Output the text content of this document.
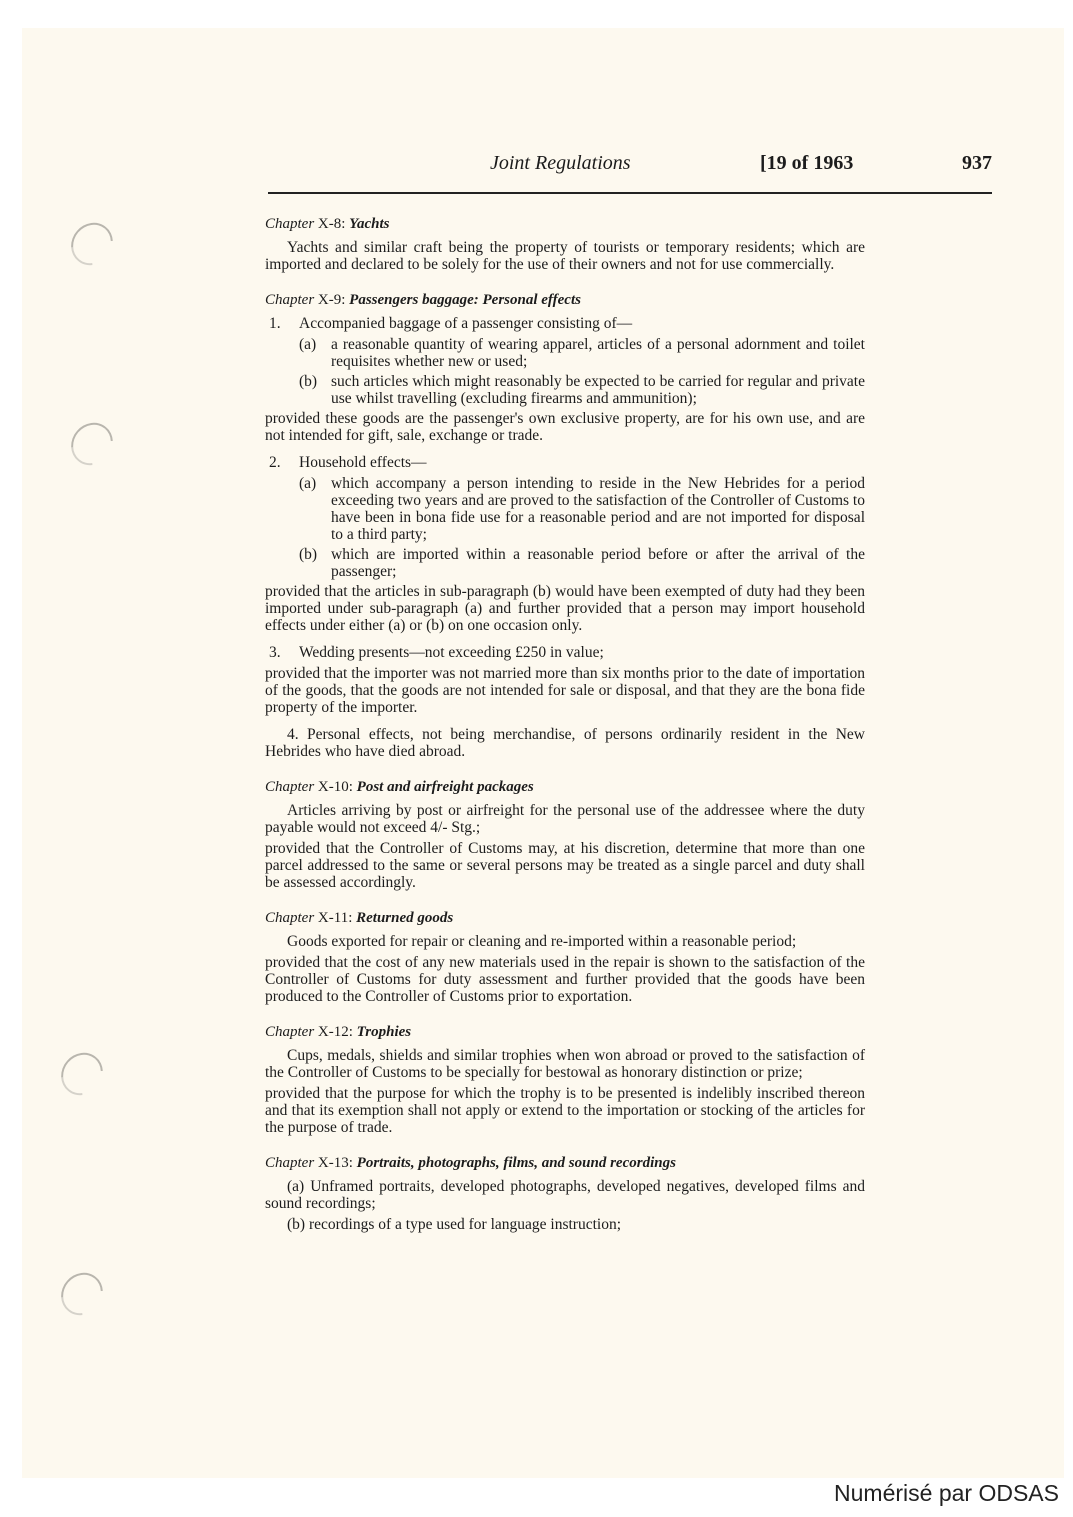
Joint Regulations	[19 of 1963	937
Chapter X-8: Yachts

Yachts and similar craft being the property of tourists or temporary residents; which are imported and declared to be solely for the use of their owners and not for use commercially.

Chapter X-9: Passengers baggage: Personal effects

1. Accompanied baggage of a passenger consisting of—

(a) a reasonable quantity of wearing apparel, articles of a personal adornment and toilet requisites whether new or used;
(b) such articles which might reasonably be expected to be carried for regular and private use whilst travelling (excluding firearms and ammunition);

provided these goods are the passenger's own exclusive property, are for his own use, and are not intended for gift, sale, exchange or trade.

2. Household effects—

(a) which accompany a person intending to reside in the New Hebrides for a period exceeding two years and are proved to the satisfaction of the Controller of Customs to have been in bona fide use for a reasonable period and are not imported for disposal to a third party;
(b) which are imported within a reasonable period before or after the arrival of the passenger;

provided that the articles in sub-paragraph (b) would have been exempted of duty had they been imported under sub-paragraph (a) and further provided that a person may import household effects under either (a) or (b) on one occasion only.

3. Wedding presents—not exceeding £250 in value;

provided that the importer was not married more than six months prior to the date of importation of the goods, that the goods are not intended for sale or disposal, and that they are the bona fide property of the importer.

4. Personal effects, not being merchandise, of persons ordinarily resident in the New Hebrides who have died abroad.

Chapter X-10: Post and airfreight packages

Articles arriving by post or airfreight for the personal use of the addressee where the duty payable would not exceed 4/- Stg.;

provided that the Controller of Customs may, at his discretion, determine that more than one parcel addressed to the same or several persons may be treated as a single parcel and duty shall be assessed accordingly.

Chapter X-11: Returned goods

Goods exported for repair or cleaning and re-imported within a reasonable period;

provided that the cost of any new materials used in the repair is shown to the satisfaction of the Controller of Customs for duty assessment and further provided that the goods have been produced to the Controller of Customs prior to exportation.

Chapter X-12: Trophies

Cups, medals, shields and similar trophies when won abroad or proved to the satisfaction of the Controller of Customs to be specially for bestowal as honorary distinction or prize;

provided that the purpose for which the trophy is to be presented is indelibly inscribed thereon and that its exemption shall not apply or extend to the importation or stocking of the articles for the purpose of trade.

Chapter X-13: Portraits, photographs, films, and sound recordings

(a) Unframed portraits, developed photographs, developed negatives, developed films and sound recordings;

(b) recordings of a type used for language instruction;

Numérisé par ODSAS
